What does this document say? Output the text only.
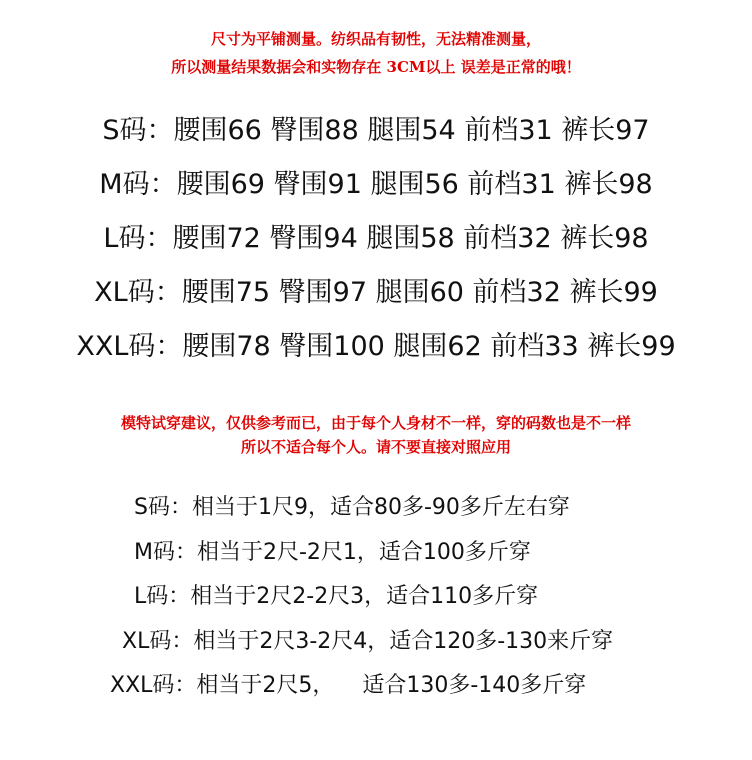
尺寸为平铺测量。纺织品有韧性，无法精准测量，
所以测量结果数据会和实物存在 3CM以上 误差是正常的哦！
S码：腰围66 臀围88 腿围54 前档31 裤长97
M码：腰围69 臀围91 腿围56 前档31 裤长98
L码：腰围72 臀围94 腿围58 前档32 裤长98
XL码：腰围75 臀围97 腿围60 前档32 裤长99
XXL码：腰围78 臀围100 腿围62 前档33 裤长99
模特试穿建议，仅供参考而已，由于每个人身材不一样，穿的码数也是不一样
所以不适合每个人。请不要直接对照应用
S码：相当于1尺9，适合80多-90多斤左右穿
M码：相当于2尺-2尺1，适合100多斤穿
L码：相当于2尺2-2尺3，适合110多斤穿
XL码：相当于2尺3-2尺4，适合120多-130来斤穿
XXL码：相当于2尺5，    适合130多-140多斤穿
